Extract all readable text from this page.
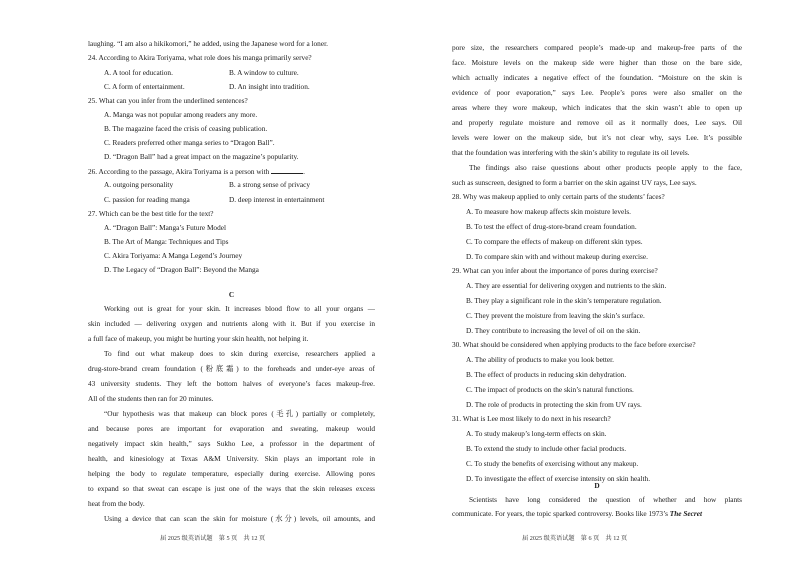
laughing. “I am also a hikikomori,” he added, using the Japanese word for a loner.
24. According to Akira Toriyama, what role does his manga primarily serve?
A. A tool for education.	B. A window to culture.
C. A form of entertainment.	D. An insight into tradition.
25. What can you infer from the underlined sentences?
A. Manga was not popular among readers any more.
B. The magazine faced the crisis of ceasing publication.
C. Readers preferred other manga series to “Dragon Ball”.
D. “Dragon Ball” had a great impact on the magazine’s popularity.
26. According to the passage, Akira Toriyama is a person with	.
A. outgoing personality	B. a strong sense of privacy
C. passion for reading manga	D. deep interest in entertainment
27. Which can be the best title for the text?
A. “Dragon Ball”: Manga’s Future Model
B. The Art of Manga: Techniques and Tips
C. Akira Toriyama: A Manga Legend’s Journey
D. The Legacy of “Dragon Ball”: Beyond the Manga
C
Working out is great for your skin. It increases blood flow to all your organs —
skin included — delivering oxygen and nutrients along with it. But if you exercise in
a full face of makeup, you might be hurting your skin health, not helping it.
To find out what makeup does to skin during exercise, researchers applied a
drug-store-brand cream foundation (粉底霜) to the foreheads and under-eye areas of
43 university students. They left the bottom halves of everyone’s faces makeup-free.
All of the students then ran for 20 minutes.
“Our hypothesis was that makeup can block pores (毛孔) partially or completely,
and because pores are important for evaporation and sweating, makeup would
negatively impact skin health,” says Sukho Lee, a professor in the department of
health, and kinesiology at Texas A&M University. Skin plays an important role in
helping the body to regulate temperature, especially during exercise. Allowing pores
to expand so that sweat can escape is just one of the ways that the skin releases excess
heat from the body.
Using a device that can scan the skin for moisture (水分) levels, oil amounts, and
届 2025 级英语试题　第 5 页　共 12 页
pore size, the researchers compared people’s made-up and makeup-free parts of the
face. Moisture levels on the makeup side were higher than those on the bare side,
which actually indicates a negative effect of the foundation. “Moisture on the skin is
evidence of poor evaporation,” says Lee. People’s pores were also smaller on the
areas where they wore makeup, which indicates that the skin wasn’t able to open up
and properly regulate moisture and remove oil as it normally does, Lee says. Oil
levels were lower on the makeup side, but it’s not clear why, says Lee. It’s possible
that the foundation was interfering with the skin’s ability to regulate its oil levels.
The findings also raise questions about other products people apply to the face,
such as sunscreen, designed to form a barrier on the skin against UV rays, Lee says.
28. Why was makeup applied to only certain parts of the students’ faces?
A. To measure how makeup affects skin moisture levels.
B. To test the effect of drug-store-brand cream foundation.
C. To compare the effects of makeup on different skin types.
D. To compare skin with and without makeup during exercise.
29. What can you infer about the importance of pores during exercise?
A. They are essential for delivering oxygen and nutrients to the skin.
B. They play a significant role in the skin’s temperature regulation.
C. They prevent the moisture from leaving the skin’s surface.
D. They contribute to increasing the level of oil on the skin.
30. What should be considered when applying products to the face before exercise?
A. The ability of products to make you look better.
B. The effect of products in reducing skin dehydration.
C. The impact of products on the skin’s natural functions.
D. The role of products in protecting the skin from UV rays.
31. What is Lee most likely to do next in his research?
A. To study makeup’s long-term effects on skin.
B. To extend the study to include other facial products.
C. To study the benefits of exercising without any makeup.
D. To investigate the effect of exercise intensity on skin health.
D
Scientists have long considered the question of whether and how plants
communicate. For years, the topic sparked controversy. Books like 1973’s The Secret
届 2025 级英语试题　第 6 页　共 12 页
